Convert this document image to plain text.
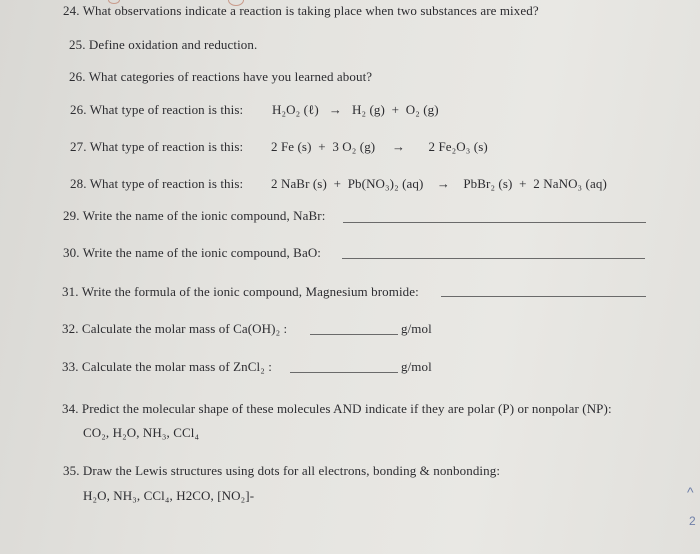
24. What observations indicate a reaction is taking place when two substances are mixed?
25. Define oxidation and reduction.
26. What categories of reactions have you learned about?
26. What type of reaction is this: H₂O₂ (ℓ)   →   H₂ (g)  +  O₂ (g)
27. What type of reaction is this: 2 Fe (s)  +  3 O₂ (g)     →       2 Fe₂O₃ (s)
28. What type of reaction is this: 2 NaBr (s)  +  Pb(NO₃)₂ (aq)    →    PbBr₂ (s)  +  2 NaNO₃ (aq)
29. Write the name of the ionic compound, NaBr:
30. Write the name of the ionic compound, BaO:
31. Write the formula of the ionic compound, Magnesium bromide:
32. Calculate the molar mass of Ca(OH)₂ :	g/mol
33. Calculate the molar mass of ZnCl₂ :	g/mol
34. Predict the molecular shape of these molecules AND indicate if they are polar (P) or nonpolar (NP):
CO₂, H₂O, NH₃, CCl₄
35. Draw the Lewis structures using dots for all electrons, bonding & nonbonding:
H₂O, NH₃, CCl₄, H2CO, [NO₂]-	^
2
